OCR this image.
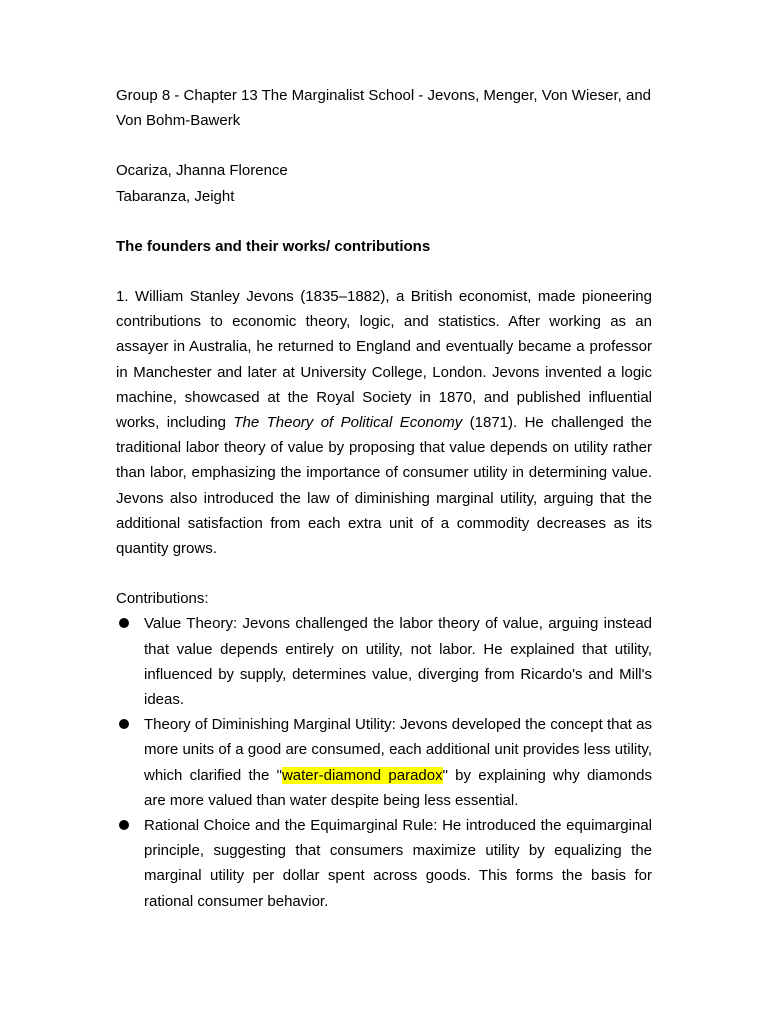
Group 8 - Chapter 13 The Marginalist School - Jevons, Menger, Von Wieser, and Von Bohm-Bawerk

Ocariza, Jhanna Florence

Tabaranza, Jeight

The founders and their works/ contributions

1. William Stanley Jevons (1835–1882), a British economist, made pioneering contributions to economic theory, logic, and statistics. After working as an assayer in Australia, he returned to England and eventually became a professor in Manchester and later at University College, London. Jevons invented a logic machine, showcased at the Royal Society in 1870, and published influential works, including The Theory of Political Economy (1871). He challenged the traditional labor theory of value by proposing that value depends on utility rather than labor, emphasizing the importance of consumer utility in determining value. Jevons also introduced the law of diminishing marginal utility, arguing that the additional satisfaction from each extra unit of a commodity decreases as its quantity grows.

Contributions:

Value Theory: Jevons challenged the labor theory of value, arguing instead that value depends entirely on utility, not labor. He explained that utility, influenced by supply, determines value, diverging from Ricardo's and Mill's ideas.
Theory of Diminishing Marginal Utility: Jevons developed the concept that as more units of a good are consumed, each additional unit provides less utility, which clarified the "water-diamond paradox" by explaining why diamonds are more valued than water despite being less essential.
Rational Choice and the Equimarginal Rule: He introduced the equimarginal principle, suggesting that consumers maximize utility by equalizing the marginal utility per dollar spent across goods. This forms the basis for rational consumer behavior.
